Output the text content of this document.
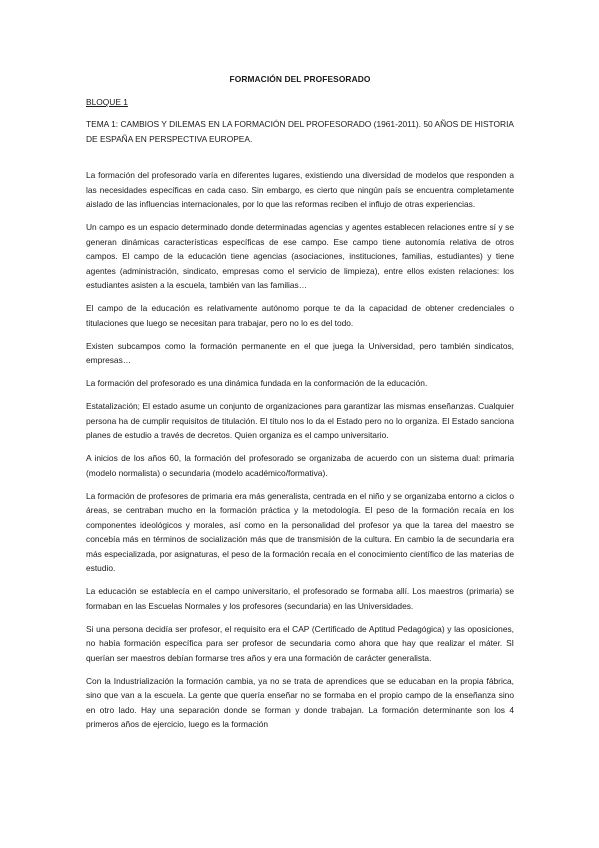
FORMACIÓN DEL PROFESORADO
BLOQUE 1
TEMA 1: CAMBIOS Y DILEMAS EN LA FORMACIÓN DEL PROFESORADO (1961-2011). 50 AÑOS DE HISTORIA DE ESPAÑA EN PERSPECTIVA EUROPEA.

La formación del profesorado varía en diferentes lugares, existiendo una diversidad de modelos que responden a las necesidades específicas en cada caso. Sin embargo, es cierto que ningún país se encuentra completamente aislado de las influencias internacionales, por lo que las reformas reciben el influjo de otras experiencias.

Un campo es un espacio determinado donde determinadas agencias y agentes establecen relaciones entre sí y se generan dinámicas características específicas de ese campo. Ese campo tiene autonomía relativa de otros campos. El campo de la educación tiene agencias (asociaciones, instituciones, familias, estudiantes) y tiene agentes (administración, sindicato, empresas como el servicio de limpieza), entre ellos existen relaciones: los estudiantes asisten a la escuela, también van las familias…

El campo de la educación es relativamente autónomo porque te da la capacidad de obtener credenciales o titulaciones que luego se necesitan para trabajar, pero no lo es del todo.

Existen subcampos como la formación permanente en el que juega la Universidad, pero también sindicatos, empresas…

La formación del profesorado es una dinámica fundada en la conformación de la educación.

Estatalización; El estado asume un conjunto de organizaciones para garantizar las mismas enseñanzas. Cualquier persona ha de cumplir requisitos de titulación. El título nos lo da el Estado pero no lo organiza. El Estado sanciona planes de estudio a través de decretos. Quien organiza es el campo universitario.

A inicios de los años 60, la formación del profesorado se organizaba de acuerdo con un sistema dual: primaria (modelo normalista) o secundaria (modelo académico/formativa).

La formación de profesores de primaria era más generalista, centrada en el niño y se organizaba entorno a ciclos o áreas, se centraban mucho en la formación práctica y la metodología. El peso de la formación recaía en los componentes ideológicos y morales, así como en la personalidad del profesor ya que la tarea del maestro se concebía más en términos de socialización más que de transmisión de la cultura. En cambio la de secundaria era más especializada, por asignaturas, el peso de la formación recaía en el conocimiento científico de las materias de estudio.

La educación se establecía en el campo universitario, el profesorado se formaba allí. Los maestros (primaria) se formaban en las Escuelas Normales y los profesores (secundaria) en las Universidades.

Si una persona decidía ser profesor, el requisito era el CAP (Certificado de Aptitud Pedagógica) y las oposiciones, no había formación específica para ser profesor de secundaria como ahora que hay que realizar el máter. SI querían ser maestros debían formarse tres años y era una formación de carácter generalista.

Con la Industrialización la formación cambia, ya no se trata de aprendices que se educaban en la propia fábrica, sino que van a la escuela. La gente que quería enseñar no se formaba en el propio campo de la enseñanza sino en otro lado. Hay una separación donde se forman y donde trabajan. La formación determinante son los 4 primeros años de ejercicio, luego es la formación
